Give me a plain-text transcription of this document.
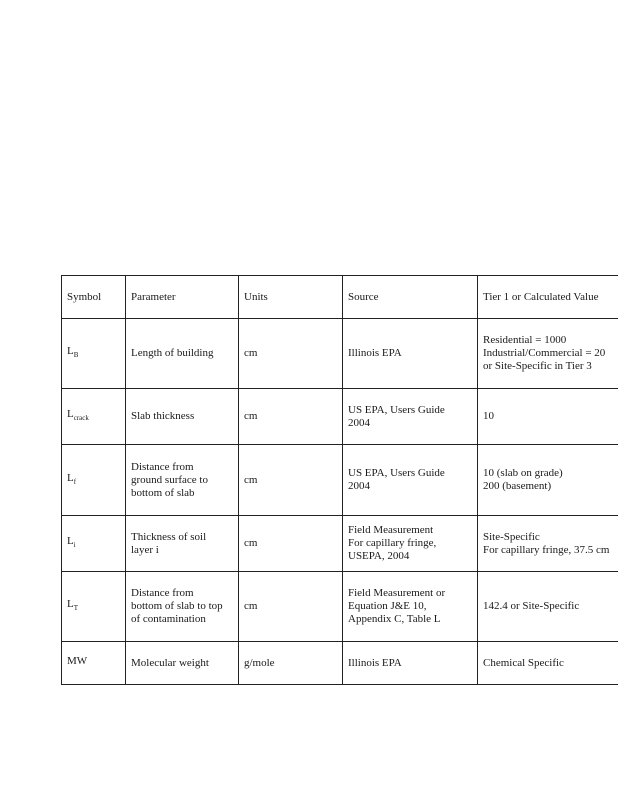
Symbol	Parameter	Units	Source	Tier 1 or Calculated Value
$L_B$	Length of building	cm	Illinois EPA	Residential = 1000
Industrial/Commercial = 20
or Site-Specific in Tier 3
$L_{crack}$	Slab thickness	cm	US EPA, Users Guide
2004	10
$L_f$	Distance from
ground surface to
bottom of slab	cm	US EPA, Users Guide
2004	10 (slab on grade)
200 (basement)
$L_i$	Thickness of soil
layer i	cm	Field Measurement
For capillary fringe,
USEPA, 2004	Site-Specific
For capillary fringe, 37.5 cm
$L_T$	Distance from
bottom of slab to top
of contamination	cm	Field Measurement or
Equation J&E 10,
Appendix C, Table L	142.4 or Site-Specific
MW	Molecular weight	g/mole	Illinois EPA	Chemical Specific
